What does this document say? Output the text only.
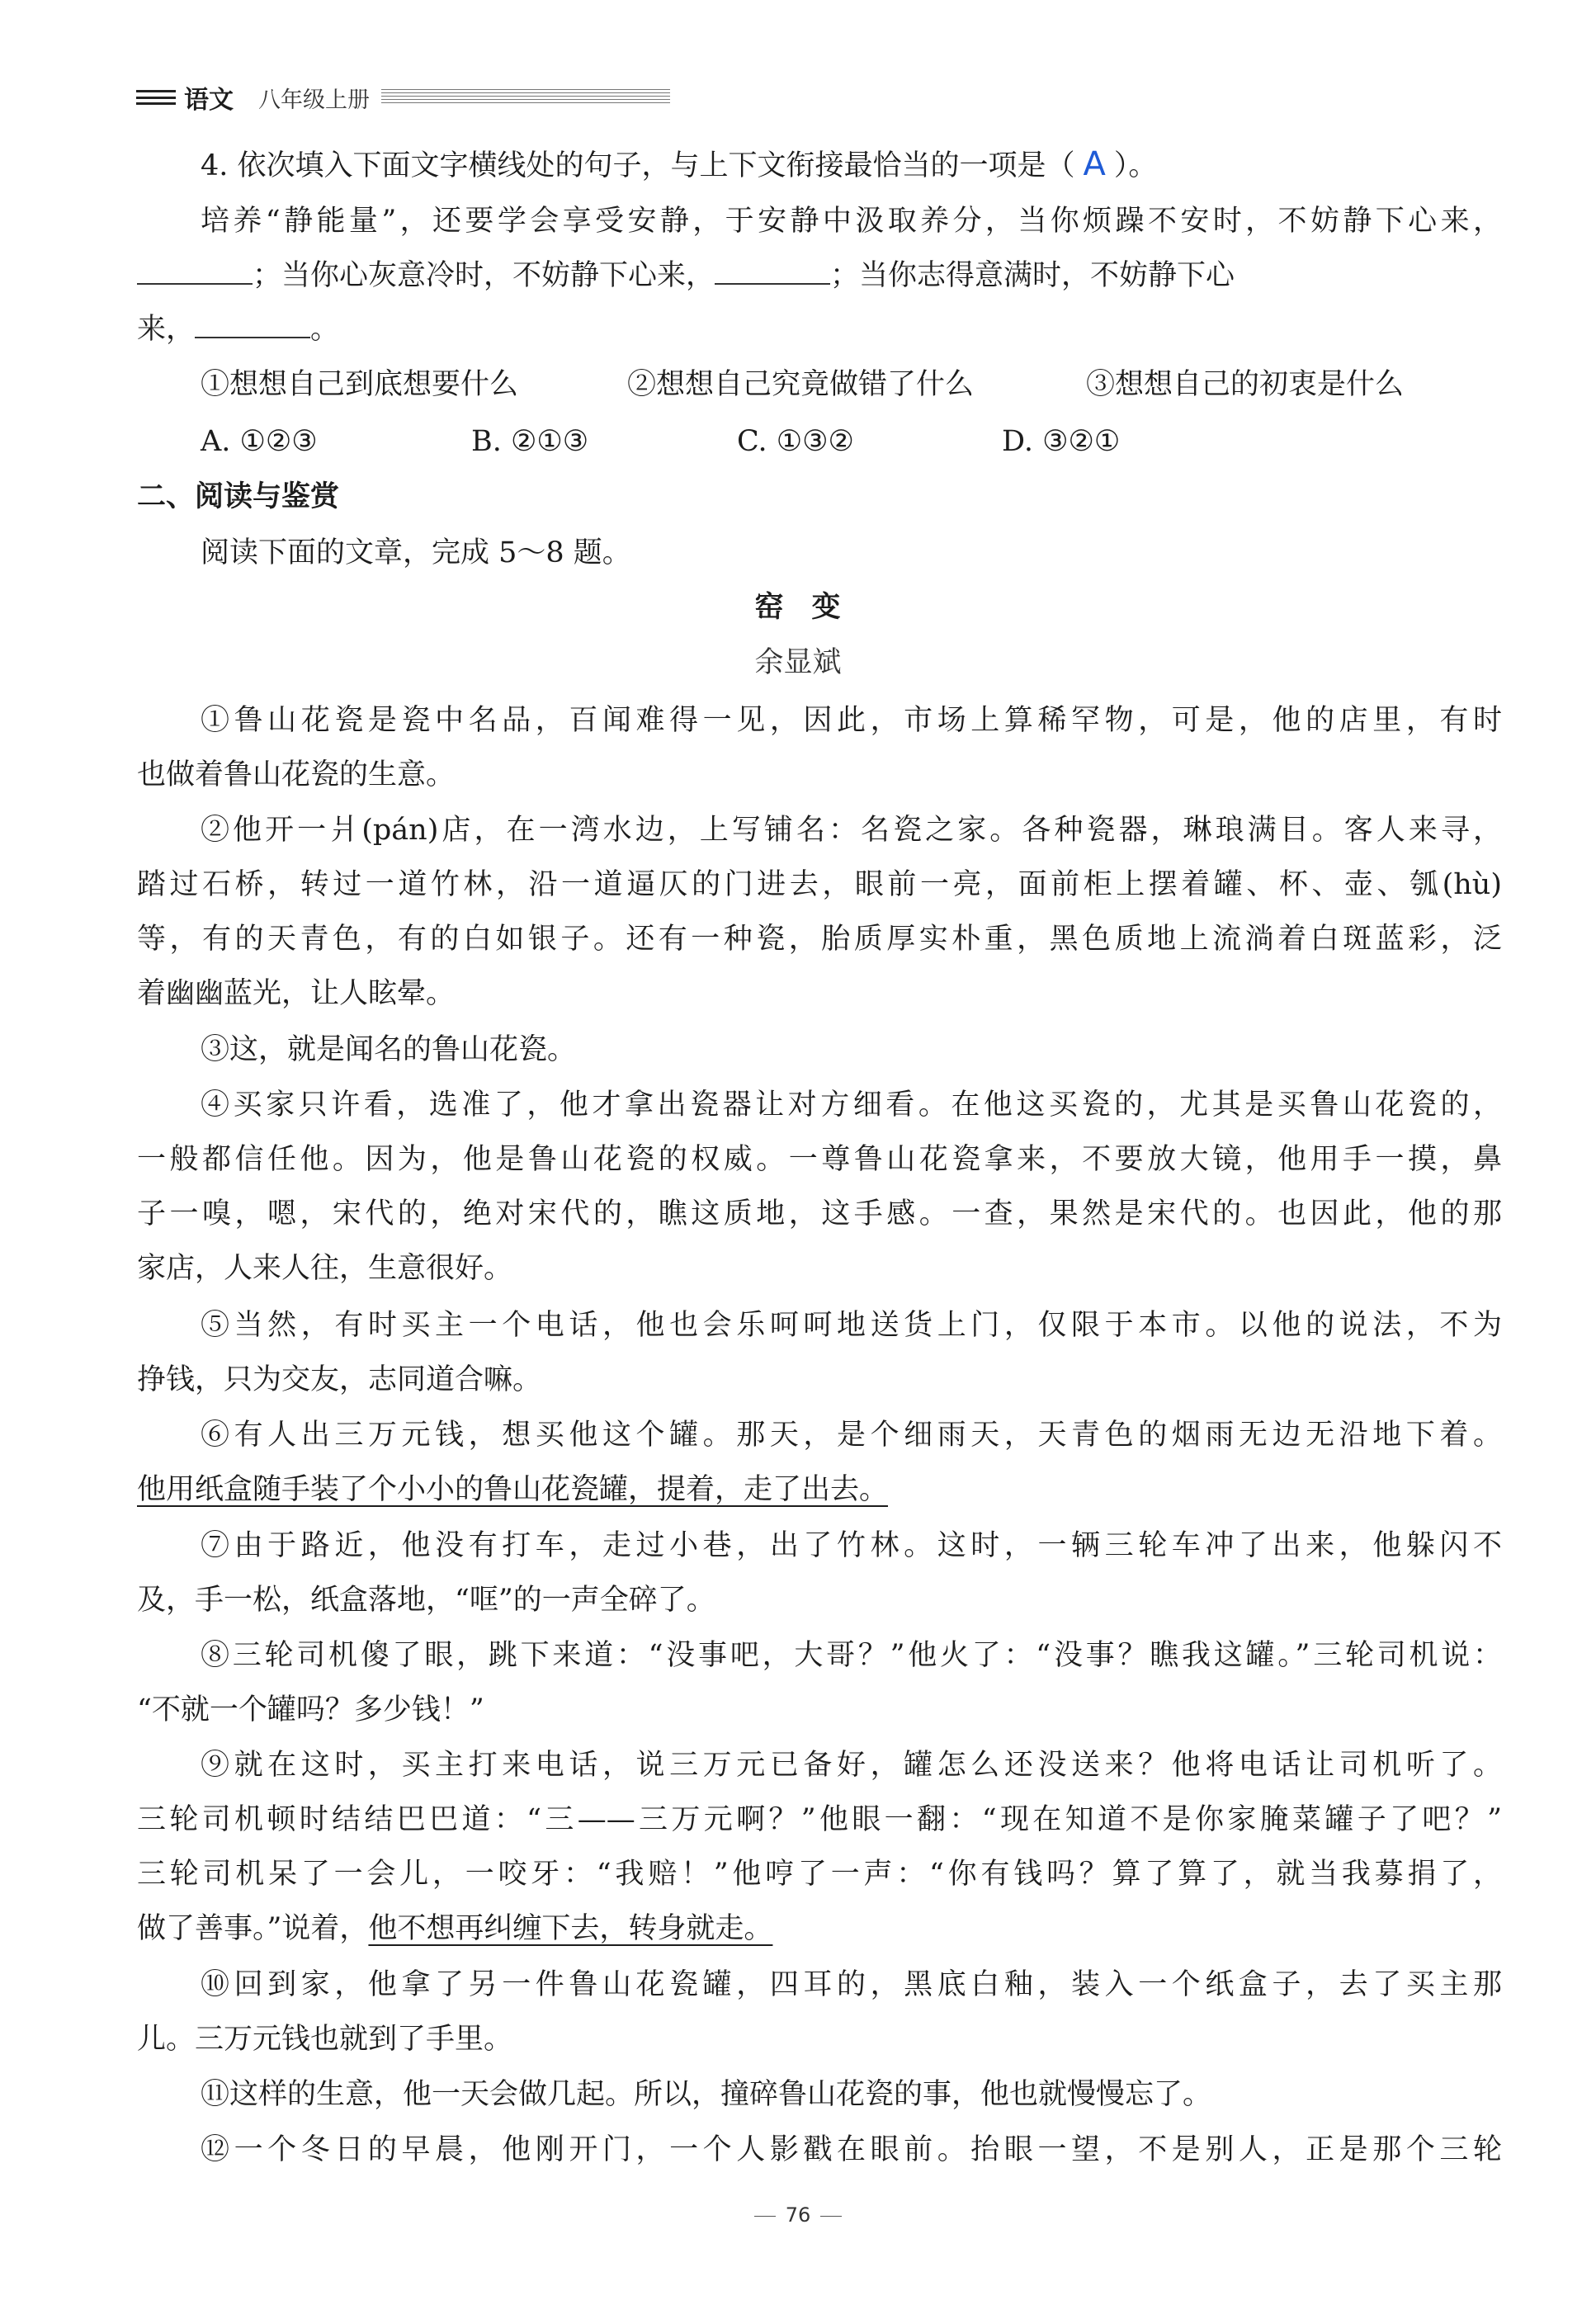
语文 八年级上册
4. 依次填入下面文字横线处的句子，与上下文衔接最恰当的一项是（ A ）。
培养“静能量”，还要学会享受安静，于安静中汲取养分，当你烦躁不安时，不妨静下心来，
；当你心灰意冷时，不妨静下心来，	；当你志得意满时，不妨静下心
来，	。
①想想自己到底想要什么	②想想自己究竟做错了什么	③想想自己的初衷是什么
A. ①②③	B. ②①③	C. ①③②	D. ③②①
二、阅读与鉴赏
阅读下面的文章，完成 5～8 题。
窑变
余显斌
①鲁山花瓷是瓷中名品，百闻难得一见，因此，市场上算稀罕物，可是，他的店里，有时
也做着鲁山花瓷的生意。
②他开一爿(pán)店，在一湾水边，上写铺名：名瓷之家。各种瓷器，琳琅满目。客人来寻，
踏过石桥，转过一道竹林，沿一道逼仄的门进去，眼前一亮，面前柜上摆着罐、杯、壶、瓠(hù)
等，有的天青色，有的白如银子。还有一种瓷，胎质厚实朴重，黑色质地上流淌着白斑蓝彩，泛
着幽幽蓝光，让人眩晕。
③这，就是闻名的鲁山花瓷。
④买家只许看，选准了，他才拿出瓷器让对方细看。在他这买瓷的，尤其是买鲁山花瓷的，
一般都信任他。因为，他是鲁山花瓷的权威。一尊鲁山花瓷拿来，不要放大镜，他用手一摸，鼻
子一嗅，嗯，宋代的，绝对宋代的，瞧这质地，这手感。一查，果然是宋代的。也因此，他的那
家店，人来人往，生意很好。
⑤当然，有时买主一个电话，他也会乐呵呵地送货上门，仅限于本市。以他的说法，不为
挣钱，只为交友，志同道合嘛。
⑥有人出三万元钱，想买他这个罐。那天，是个细雨天，天青色的烟雨无边无沿地下着。
他用纸盒随手装了个小小的鲁山花瓷罐，提着，走了出去。
⑦由于路近，他没有打车，走过小巷，出了竹林。这时，一辆三轮车冲了出来，他躲闪不
及，手一松，纸盒落地，“哐”的一声全碎了。
⑧三轮司机傻了眼，跳下来道：“没事吧，大哥？”他火了：“没事？瞧我这罐。”三轮司机说：
“不就一个罐吗？多少钱！”
⑨就在这时，买主打来电话，说三万元已备好，罐怎么还没送来？他将电话让司机听了。
三轮司机顿时结结巴巴道：“三——三万元啊？”他眼一翻：“现在知道不是你家腌菜罐子了吧？”
三轮司机呆了一会儿，一咬牙：“我赔！”他哼了一声：“你有钱吗？算了算了，就当我募捐了，
做了善事。”说着，他不想再纠缠下去，转身就走。
⑩回到家，他拿了另一件鲁山花瓷罐，四耳的，黑底白釉，装入一个纸盒子，去了买主那
儿。三万元钱也就到了手里。
⑪这样的生意，他一天会做几起。所以，撞碎鲁山花瓷的事，他也就慢慢忘了。
⑫一个冬日的早晨，他刚开门，一个人影戳在眼前。抬眼一望，不是别人，正是那个三轮
76
